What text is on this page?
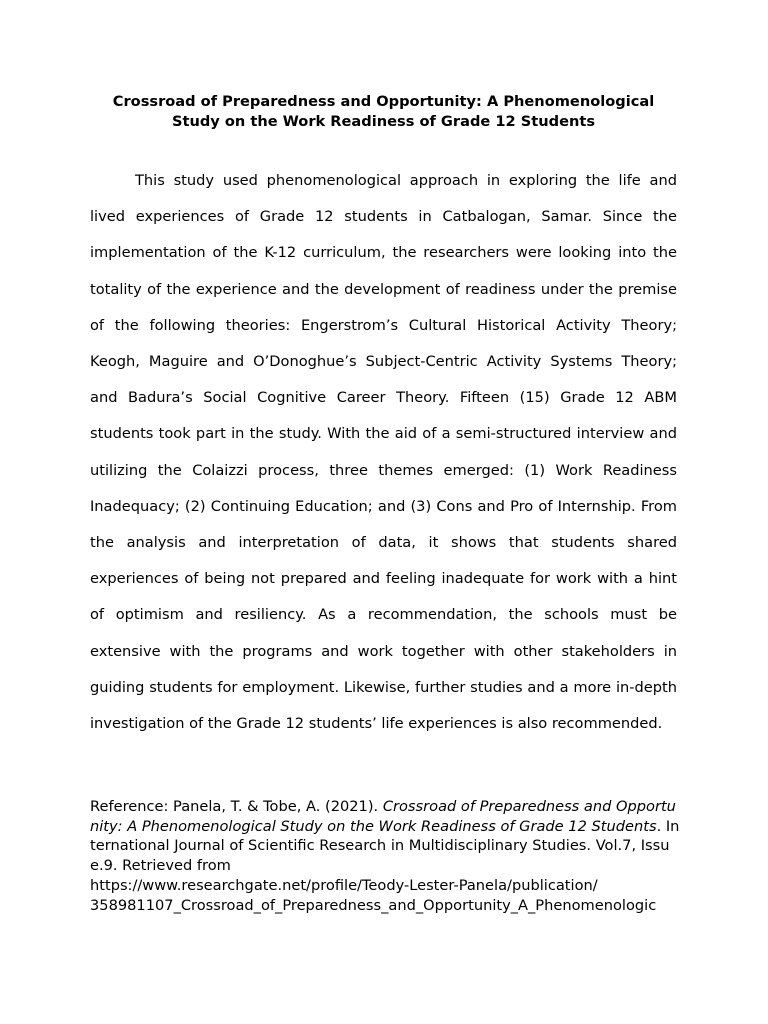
Crossroad of Preparedness and Opportunity: A Phenomenological
Study on the Work Readiness of Grade 12 Students

This study used phenomenological approach in exploring the life and lived experiences of Grade 12 students in Catbalogan, Samar. Since the implementation of the K-12 curriculum, the researchers were looking into the totality of the experience and the development of readiness under the premise of the following theories: Engerstrom’s Cultural Historical Activity Theory; Keogh, Maguire and O’Donoghue’s Subject-Centric Activity Systems Theory; and Badura’s Social Cognitive Career Theory. Fifteen (15) Grade 12 ABM students took part in the study. With the aid of a semi-structured interview and utilizing the Colaizzi process, three themes emerged: (1) Work Readiness Inadequacy; (2) Continuing Education; and (3) Cons and Pro of Internship. From the analysis and interpretation of data, it shows that students shared experiences of being not prepared and feeling inadequate for work with a hint of optimism and resiliency. As a recommendation, the schools must be extensive with the programs and work together with other stakeholders in guiding students for employment. Likewise, further studies and a more in-depth investigation of the Grade 12 students’ life experiences is also recommended.

Reference: Panela, T. & Tobe, A. (2021). Crossroad of Preparedness and Opportunity: A Phenomenological Study on the Work Readiness of Grade 12 Students. International Journal of Scientific Research in Multidisciplinary Studies. Vol.7, Issue.9. Retrieved from
https://www.researchgate.net/profile/Teody-Lester-Panela/publication/
358981107_Crossroad_of_Preparedness_and_Opportunity_A_Phenomenologic
